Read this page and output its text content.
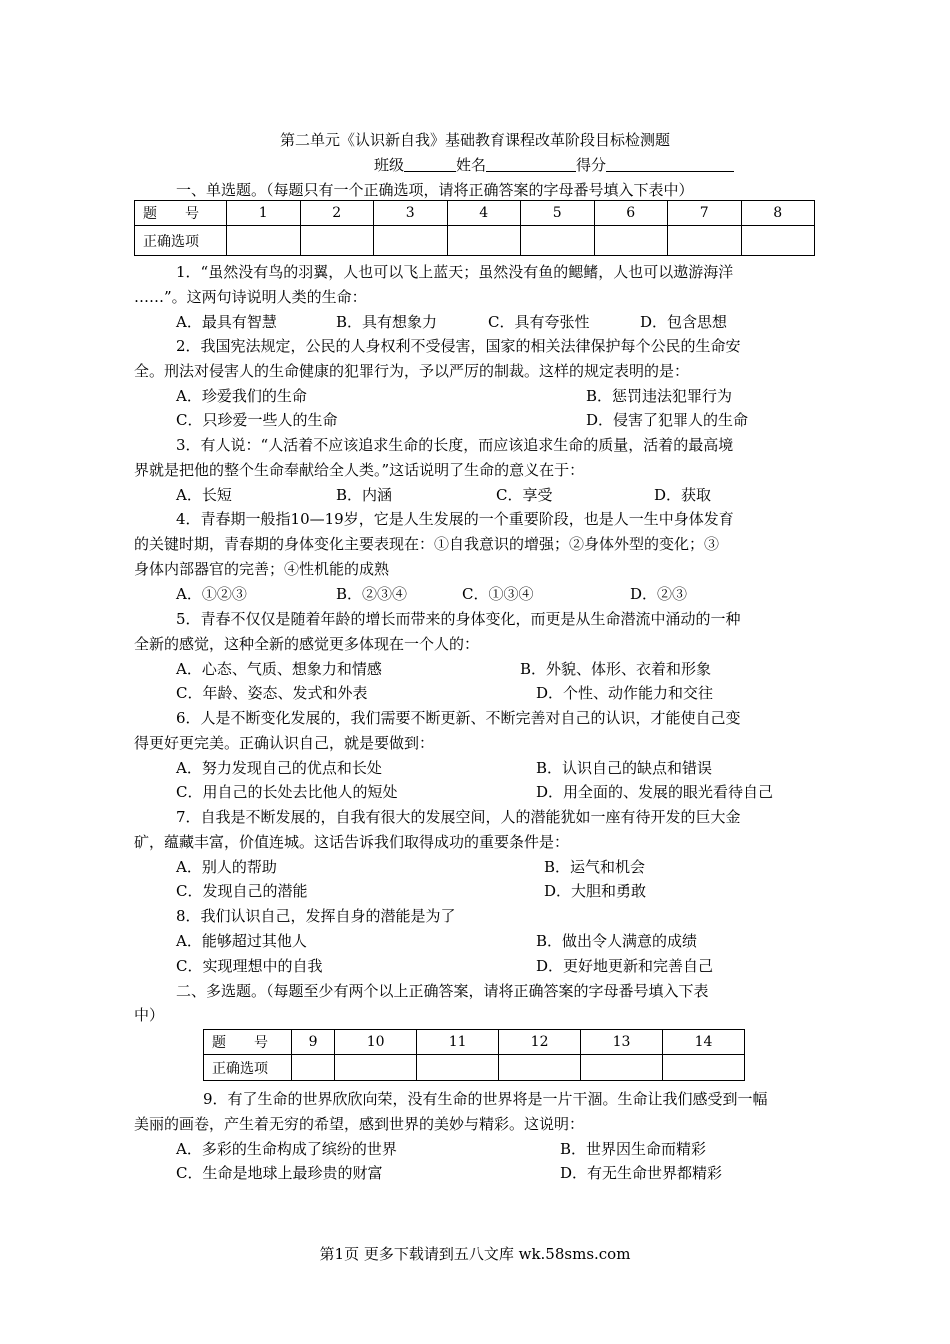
第二单元《认识新自我》基础教育课程改革阶段目标检测题
班级	姓名	得分
一、单选题。（每题只有一个正确选项，请将正确答案的字母番号填入下表中）
题　　号	1	2	3	4	5	6	7	8
正确选项								
1．“虽然没有鸟的羽翼，人也可以飞上蓝天；虽然没有鱼的鳃鳍，人也可以遨游海洋
……”。这两句诗说明人类的生命：
A．最具有智慧	B．具有想象力	C．具有夸张性	D．包含思想
2．我国宪法规定，公民的人身权利不受侵害，国家的相关法律保护每个公民的生命安
全。刑法对侵害人的生命健康的犯罪行为，予以严厉的制裁。这样的规定表明的是：
A．珍爱我们的生命	B．惩罚违法犯罪行为
C．只珍爱一些人的生命	D．侵害了犯罪人的生命
3．有人说：“人活着不应该追求生命的长度，而应该追求生命的质量，活着的最高境
界就是把他的整个生命奉献给全人类。”这话说明了生命的意义在于：
A．长短	B．内涵	C．享受	D．获取
4．青春期一般指10—19岁，它是人生发展的一个重要阶段，也是人一生中身体发育
的关键时期，青春期的身体变化主要表现在：①自我意识的增强；②身体外型的变化；③
身体内部器官的完善；④性机能的成熟
A．①②③	B．②③④	C．①③④	D．②③
5．青春不仅仅是随着年龄的增长而带来的身体变化，而更是从生命潜流中涌动的一种
全新的感觉，这种全新的感觉更多体现在一个人的：
A．心态、气质、想象力和情感	B．外貌、体形、衣着和形象
C．年龄、姿态、发式和外表	D．个性、动作能力和交往
6．人是不断变化发展的，我们需要不断更新、不断完善对自己的认识，才能使自己变
得更好更完美。正确认识自己，就是要做到：
A．努力发现自己的优点和长处	B．认识自己的缺点和错误
C．用自己的长处去比他人的短处	D．用全面的、发展的眼光看待自己
7．自我是不断发展的，自我有很大的发展空间，人的潜能犹如一座有待开发的巨大金
矿，蕴藏丰富，价值连城。这话告诉我们取得成功的重要条件是：
A．别人的帮助	B．运气和机会
C．发现自己的潜能	D．大胆和勇敢
8．我们认识自己，发挥自身的潜能是为了
A．能够超过其他人	B．做出令人满意的成绩
C．实现理想中的自我	D．更好地更新和完善自己
二、多选题。（每题至少有两个以上正确答案，请将正确答案的字母番号填入下表
中）
题　　号	9	10	11	12	13	14
正确选项						
9．有了生命的世界欣欣向荣，没有生命的世界将是一片干涸。生命让我们感受到一幅
美丽的画卷，产生着无穷的希望，感到世界的美妙与精彩。这说明：
A．多彩的生命构成了缤纷的世界	B．世界因生命而精彩
C．生命是地球上最珍贵的财富	D．有无生命世界都精彩
第1页 更多下载请到五八文库 wk.58sms.com
